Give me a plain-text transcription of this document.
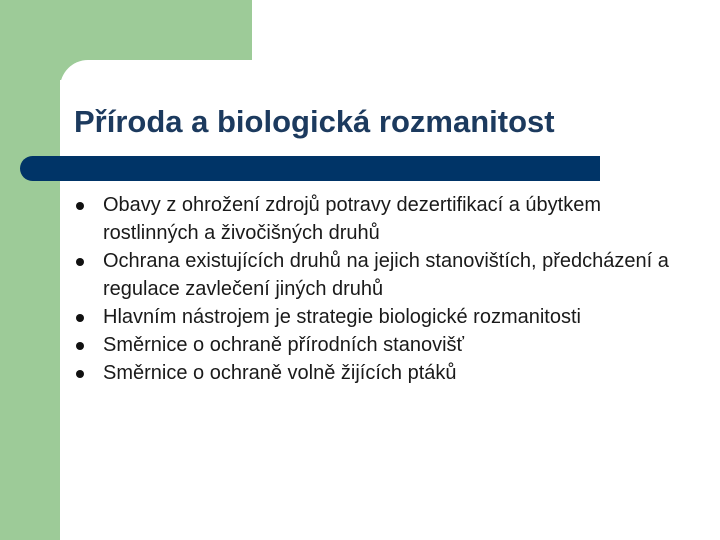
Příroda a biologická rozmanitost
Obavy z ohrožení zdrojů potravy dezertifikací a úbytkem rostlinných a živočišných druhů
Ochrana existujících druhů na jejich stanovištích, předcházení a regulace zavlečení jiných druhů
Hlavním nástrojem je strategie biologické rozmanitosti
Směrnice o ochraně přírodních stanovišť
Směrnice o ochraně volně žijících ptáků
